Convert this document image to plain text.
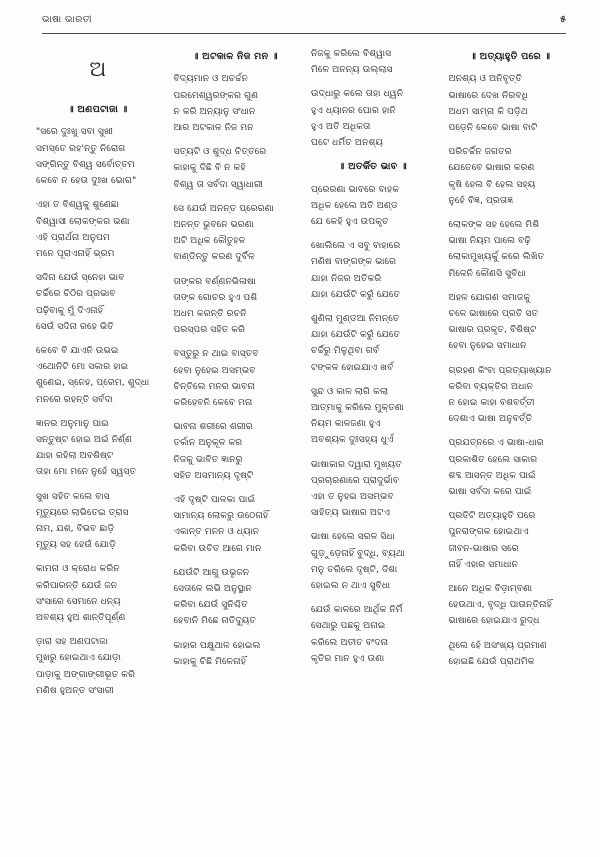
ଭାଷା ଭାରତୀ	୫
ଅ
॥ ଅଣପଟାଜା ॥
"ସରେ ଦୁଃଖୁ ସବା ସୁଖୀ
ସମସ୍ତେ ରହ'ନ୍ତୁ ନିରୋଗ
ସଙ୍ଗିନ୍ତୁ ବିଶ୍ୱ ସର୍ବୋତ୍ତମ
କେବେ ନ ହେଉ ଦୁଃଖ ଭୋଗ"
ଏହା ତ ବିଶ୍ୱକୁ ଶୁଣେଛା
ବିଶ୍ୱାସୀ ଲୋକଙ୍କର ଭଣା
ଏହି ପ୍ରାର୍ଥନା ଅନୁପମ
ମନେ ପୂରାଏନାହିଁ ଭ୍ରମ
ସଦିନା ଯେଉଁ ସ୍ନେହା ଭାବ
ଚର୍ଚ୍ଚିରେ ଚିଠିର ପ୍ରଭାବ
ପଢ଼ିବାକୁ ମୁଁ ଦିଏନାହିଁ
ସେଉଁ ସଦିନା ରହେ ଭିତି
କେବେ ବି ଯାଏନି ଉଭଇ
ଏଥୋନିଟି ମୋ ସକାର ହାଇ
ଶୁଣେଇ, ସ୍ନେହ, ପ୍ରେମ, ଶୁଦ୍ଧା
ମନରେ ରହନ୍ତି ସର୍ବଦା
ଜ୍ଞାନର ଅନୁମାନୁ ପାଇ
ସନ୍ତୁଷ୍ଟ ହୋଇ ଅଇଁ ନିର୍ଣ୍ଣ
ଯାହା ରହିଲା ଅବଶିଷ୍ଟ
ତାହା ମୋ ମନେ ନୁହେଁ ସ୍ୱସ୍ତ
ସୁଖ ସହିତ କଲେ ବାସ
ମୃତ୍ୟୁରେ ଲାଭିତେଇ ତ୍ରାସ
ନାମ, ଯଶ, ବିଭବ ଛାଡ଼ି
ମୃତ୍ୟୁ ସହ ହେଉଁ ଯୋଡ଼ି
କାମନା ଓ କ୍ରୋଧ କରିନ
କରିପାରନ୍ତି ଯେଉଁ ଜନ
ସଂସାରେ ସେମାନେ ଧନ୍ୟ
ଅବଶ୍ୟ ହୁଅ ଶାନ୍ତିପୂର୍ଣ୍ଣ
ଡ଼ାରା ସହ ଅଣପଟାଜା
ମୁଖରୁ ହୋଇଥାଏ ଯୋଡ଼ା
ପାଡ଼ାକୁ ଅଙ୍ଗାଙ୍ଗୀଭୂତ କରି
ମଣିଷ ହୁଅନ୍ତ ସଂସାରୀ
॥ ଅଟକାଳ ନିଜ ମନ ॥
ବିଦ୍ୟମାନ ଓ ଅଚର୍ଚ୍ଚନ
ପରମେଶ୍ୱରଙ୍କର ଗୁଣ
ନ କରି ଅନ୍ୟାନୁ ସଂଧାନ
ଆର ଅଟକାଳ ନିଜ ମନ
ସତ୍ୟଟି ଓ ଶୁଦ୍ଧ ଚିତ୍ତରେ
କାହାକୁ ଦିଛି ବି ନ କହି
ବିଶ୍ୱ ତା ସର୍ବଦା ସ୍ୱାଧାରୀ
ସେ ଯେଉଁ ଅନନ୍ତ ପ୍ରେରଣା
ଅନନ୍ତ ଭୁବନେ ଭରଣା
ଅଟି ଅଧିକ କୌତୁହଳ
ବାଣ୍ଡିନ୍ତୁ କରଣ ଦୁର୍ବିଳ
ତାଙ୍କର ବର୍ଣ୍ଣନଭିଳାଷା
ତାଙ୍କ ଗୋଚର ହୁଏ ପଶି
ଅଧମ କରନ୍ତି ରଚନି
ପରସ୍ପର ସହିତ କରି
ବସ୍ତୁରୁ ନ ଥାଇ ବାସ୍ତବ
ହେବା ନୁହେଇ ଅସମ୍ଭବ
ଚିନ୍ତିଲେ ମନର ଭାବନା
କରିହେବନି କେବେ ମନା
ଭାବନା ଶରୀରେ ଶରୀର
ତର୍କାନ ଅନୁକୂଳ କର
ନିଜକୁ ଭାବିତ ଜ୍ଞାନରୁ
ସହିତ ଅସମାନ୍ୟ ଦୃଷ୍ଟି
ଏହି ଦୃଷ୍ଟି ପାଳକା ପାଇଁ
ସାମାନ୍ୟ ଲୋକରୁ ଉଠେନାହିଁ
ଏକାନ୍ତ ମନନ ଓ ଧ୍ୟାନ
କରିବା ଉଚିତ ଆଗେ ମାନ
ଯେଉଁଟି ଆଗୁ ଉଭୃଜନ
ସେତାଳେ ଲଭି ଅନୁସ୍ଥାନ
କରିବା ଯେଉଁ ସୁନିଶ୍ଚିତ
ହେବାନି ମିଛେ ନାତିଦ୍ୟୁତ
କାହାର ପକ୍ଷୁଥାଳ ହୋଇଲ
କାହାକୁ ଚିଛି ମିଳେନାହିଁ
ନିଜକୁ କରିଲେ ବିଶ୍ୱାସ
ମିଳେ ଅନନ୍ୟ ଉଲ୍ଲାସ
ଉଦ୍ଧାରୁ କଲେ ତାହା ଧ୍ୱନି
ହୁଏ ଧ୍ୟାନର ଘୋର ହାନି
ହୁଏ ଅତି ଅଧିକତା
ଘଟେ ଧର୍ମିତ ଅନଶ୍ୟ
॥ ଅତର୍କିତ ଭାବ ॥
ପ୍ରେରଣା ଭାବରେ ବାହକ
ଅଧିକ ହେଲେ ଅତି ଅଣ୍ଡ
ଯେ କେହି ହୁଏ ଉପକୃତ
ଖୋଲିଲେ ଏ ସବୁ ବାହାରେ
ମଣିଷ ବାଙ୍ଗଙ୍କ ଭାରେ
ଯାହା ନିଜର ଅତିକରି
ଯାହା ଯେଉଁଟି କରୁଁ ଯେତେ
ଶୁଣିଲା ମୁଣ୍ଡଆ ନିମନ୍ତେ
ଯାହା ଯେଉଁଟି କରୁଁ ଯେତେ
ଚର୍ଚ୍ଚିରୁ ମିଳୁଥିବା ଗର୍ବ
ଟଙ୍କଳ ହୋଇଯାଏ ଖର୍ବ
ସୁନ୍ଦ ଓ କାଳ ଲାଗି କଲା
ଆତ୍ମାକୁ କରିଲେ ମୁକ୍ତଣା
ନିୟମ କାଳଜଣା ହୁଏ
ଅବଶ୍ୟକ ଦୁଃସହ୍ୟ ଧୁର୍ଏ
ଭାଷାକାର ଦ୍ୱାରା ମୁଖ୍ୟତ
ପ୍ରଚାରଣାରେ ପ୍ରାଦୁର୍ଭାବ
ଏହା ତ ନୁହଇ ଅସମ୍ଭବ
ସାହିତ୍ୟ ଭାଷାର ଅଟଏ
ଭାଷା ହେଲେ ସରଳ ସିଧା
ଗୁଡ଼ୁଡ଼େନାହିଁ ବୁଦ୍ଧି, ବ୍ୟଥା
ମନୁ ତରିଲେ ଦୃଷ୍ଟି, ଦିଶା
ହୋଇଲ ନ ଥାଏ ସୁବିଧା
ଯେଉଁ କାଳରେ ଆର୍ଥିକ ନିର୍ମି
ସେଥାରୁ ପଛକୁ ଅନାଇ
କରିଲେ ଅତୀତ ବଂଦନା
କୃତିର ମାନ ହୁଏ ଉଣା
॥ ଅତ୍ୟାହୁତି ପରେ ॥
ଅନଶ୍ୟ ଓ ଅନିବୃତ୍ତି
ଭାଷାରେ ଦେଖ ନିରବଧି
ଅଧମ ସାମ୍ନା କି ପଡ଼ିଥ
ପଡ଼େନି କେବେ ଭାଷା ବାଟି
ପରିଚର୍ଚ୍ଚିନ ଜଗତର
ଯେତେବେ ଭାଷାର କରଣ
କୃଷି ହେଲ ବି ହେଲ ସହ୍ୟ
ନୁହେଁ ବିଜ୍ଞ, ପ୍ରତାଜ୍ଞ
ଲୋକଙ୍କ ସହ ହେଲେ ମିଶି
ଭାଷା ନିୟମ ପାଲେ ବଢ଼ି
ଲୋକାମୁଖ୍ୟର୍କୁ କରେ ଲିଖିତ
ମିଳେନି କୌଣସି ସୁବିଧା
ଅହଳ ଯୋଗଣ ସମାଜକୁ
ଚଳେ ଭାଷାରେ ପ୍ରତି ସତ
ଭାଷାର ପ୍ରକୃତ, ବିଶିଷ୍ଟ
ହେବା ନୁହେଇ ସମାଧାନ
ଗ୍ରହଣ କିଂବା ପ୍ରତ୍ୟାଖ୍ୟାନ
କରିବା ବ୍ୟକ୍ତିର ଅଧାନ
ନ ହୋଇ କାହା ବଶବର୍ତ୍ତୀ
ଦେଶାଏ ଭାଷା ଅନୁବର୍ତ୍ତି
ପ୍ରଯତ୍ନରେ ଏ ଭାଷା-ଧାର
ପ୍ରକାଶିତ ହେଲେ ସାକାର
ଶବ୍ଦ ଆସନ୍ତ ଅଧିକ ପାଇଁ
ଭାଷା ସର୍ବଦା କରେ ପାଇଁ
ପ୍ରତିଟି ଅତ୍ୟାହୁତି ପରେ
ପୁନରାଙ୍ଗକ ହୋଇଥାଏ
ଜୀବନ-ଭାଷାର ସରେ
ନାହିଁ ଏହାର ସମାଧାନ
ଆନେ ଅଧିକ ବିଡ଼ାମ୍ବଣା
ହେଉଥାଏ, ବୃଦ୍ଧି ପାଉନ୍ତିନାହିଁ
ଭାଷାରେ ହୋଇଯାଏ ରୁଦ୍ଧ
ଥିଲେ ହେଁ ଅସଂଖ୍ୟ ପ୍ରମାଣ
ହୋଇଛି ଯେଉଁ ପ୍ରାଥମିକ
